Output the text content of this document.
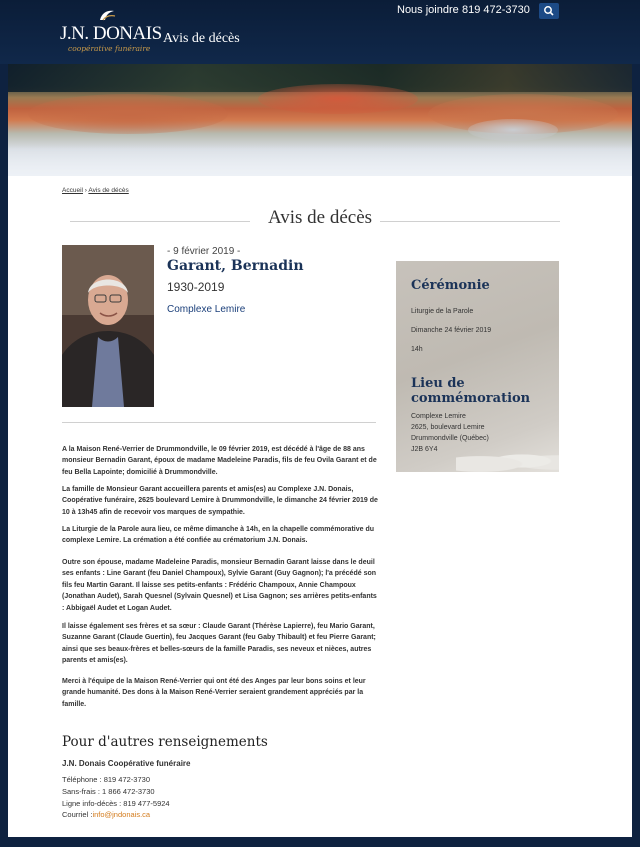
J.N. DONAIS
coopérative funéraire
Avis de décès
Nous joindre 819 472-3730
Accueil › Avis de décès
Avis de décès
- 9 février 2019 -
Garant, Bernadin
1930-2019
Complexe Lemire

A la Maison René-Verrier de Drummondville, le 09 février 2019, est décédé à l'âge de 88 ans monsieur Bernadin Garant, époux de madame Madeleine Paradis, fils de feu Ovila Garant et de feu Bella Lapointe; domicilié à Drummondville.

La famille de Monsieur Garant accueillera parents et amis(es) au Complexe J.N. Donais, Coopérative funéraire, 2625 boulevard Lemire à Drummondville, le dimanche 24 février 2019 de 10 à 13h45 afin de recevoir vos marques de sympathie.

La Liturgie de la Parole aura lieu, ce même dimanche à 14h, en la chapelle commémorative du complexe Lemire. La crémation a été confiée au crématorium J.N. Donais.

Outre son épouse, madame Madeleine Paradis, monsieur Bernadin Garant laisse dans le deuil ses enfants : Line Garant (feu Daniel Champoux), Sylvie Garant (Guy Gagnon); l'a précédé son fils feu Martin Garant. Il laisse ses petits-enfants : Frédéric Champoux, Annie Champoux (Jonathan Audet), Sarah Quesnel (Sylvain Quesnel) et Lisa Gagnon; ses arrières petits-enfants : Abbigaël Audet et Logan Audet.

Il laisse également ses frères et sa sœur : Claude Garant (Thérèse Lapierre), feu Mario Garant, Suzanne Garant (Claude Guertin), feu Jacques Garant (feu Gaby Thibault) et feu Pierre Garant; ainsi que ses beaux-frères et belles-sœurs de la famille Paradis, ses neveux et nièces, autres parents et amis(es).

Merci à l'équipe de la Maison René-Verrier qui ont été des Anges par leur bons soins et leur grande humanité. Des dons à la Maison René-Verrier seraient grandement appréciés par la famille.

Cérémonie
Liturgie de la Parole
Dimanche 24 février 2019
14h
Lieu de
commémoration
Complexe Lemire
2625, boulevard Lemire
Drummondville (Québec)
J2B 6Y4
Pour d'autres renseignements
J.N. Donais Coopérative funéraire
Téléphone : 819 472-3730
Sans-frais : 1 866 472-3730
Ligne info-décès : 819 477-5924
Courriel :info@jndonais.ca
